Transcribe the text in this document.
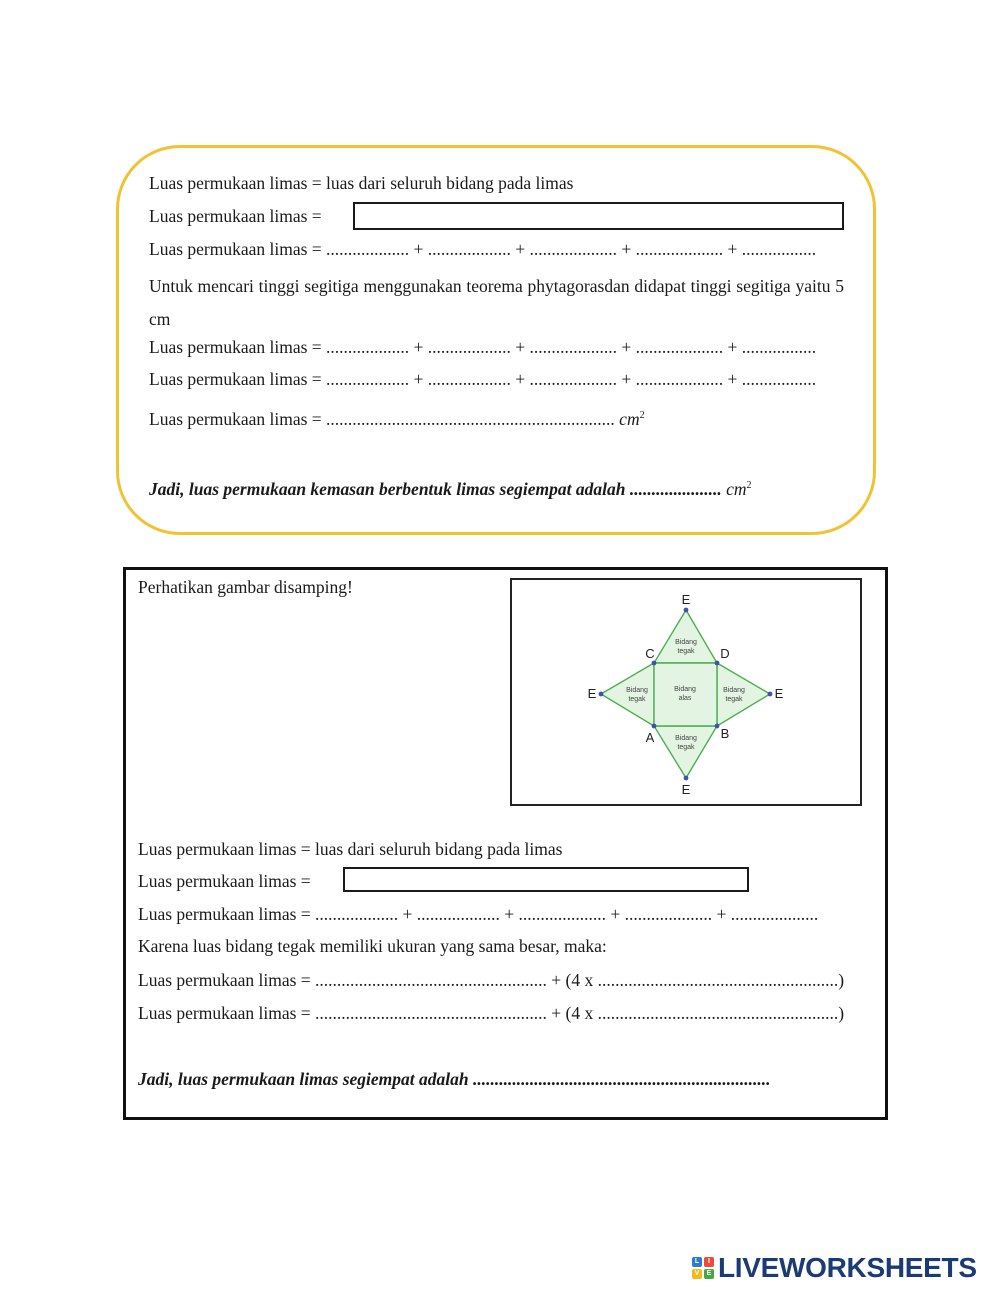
Luas permukaan limas = luas dari seluruh bidang pada limas
Luas permukaan limas =
Luas permukaan limas = ................... + ................... + .................... + .................... + .................
Untuk mencari tinggi segitiga menggunakan teorema phytagorasdan didapat tinggi segitiga yaitu 5 cm
Luas permukaan limas = ................... + ................... + .................... + .................... + .................
Luas permukaan limas = ................... + ................... + .................... + .................... + .................
Luas permukaan limas = .................................................................. $cm^2$
Jadi, luas permukaan kemasan berbentuk limas segiempat adalah ..................... $cm^2$
Perhatikan gambar disamping!
E
E	E
E
C	D
A	B
Bidang
tegak
Bidang
tegak
Bidang
tegak
Bidang
tegak
Bidang
alas
Luas permukaan limas = luas dari seluruh bidang pada limas
Luas permukaan limas =
Luas permukaan limas = ................... + ................... + .................... + .................... + ....................
Karena luas bidang tegak memiliki ukuran yang sama besar, maka:
Luas permukaan limas = ..................................................... + (4 x .......................................................)
Luas permukaan limas = ..................................................... + (4 x .......................................................)
Jadi, luas permukaan limas segiempat adalah ....................................................................
L	I
V	E LIVEWORKSHEETS
